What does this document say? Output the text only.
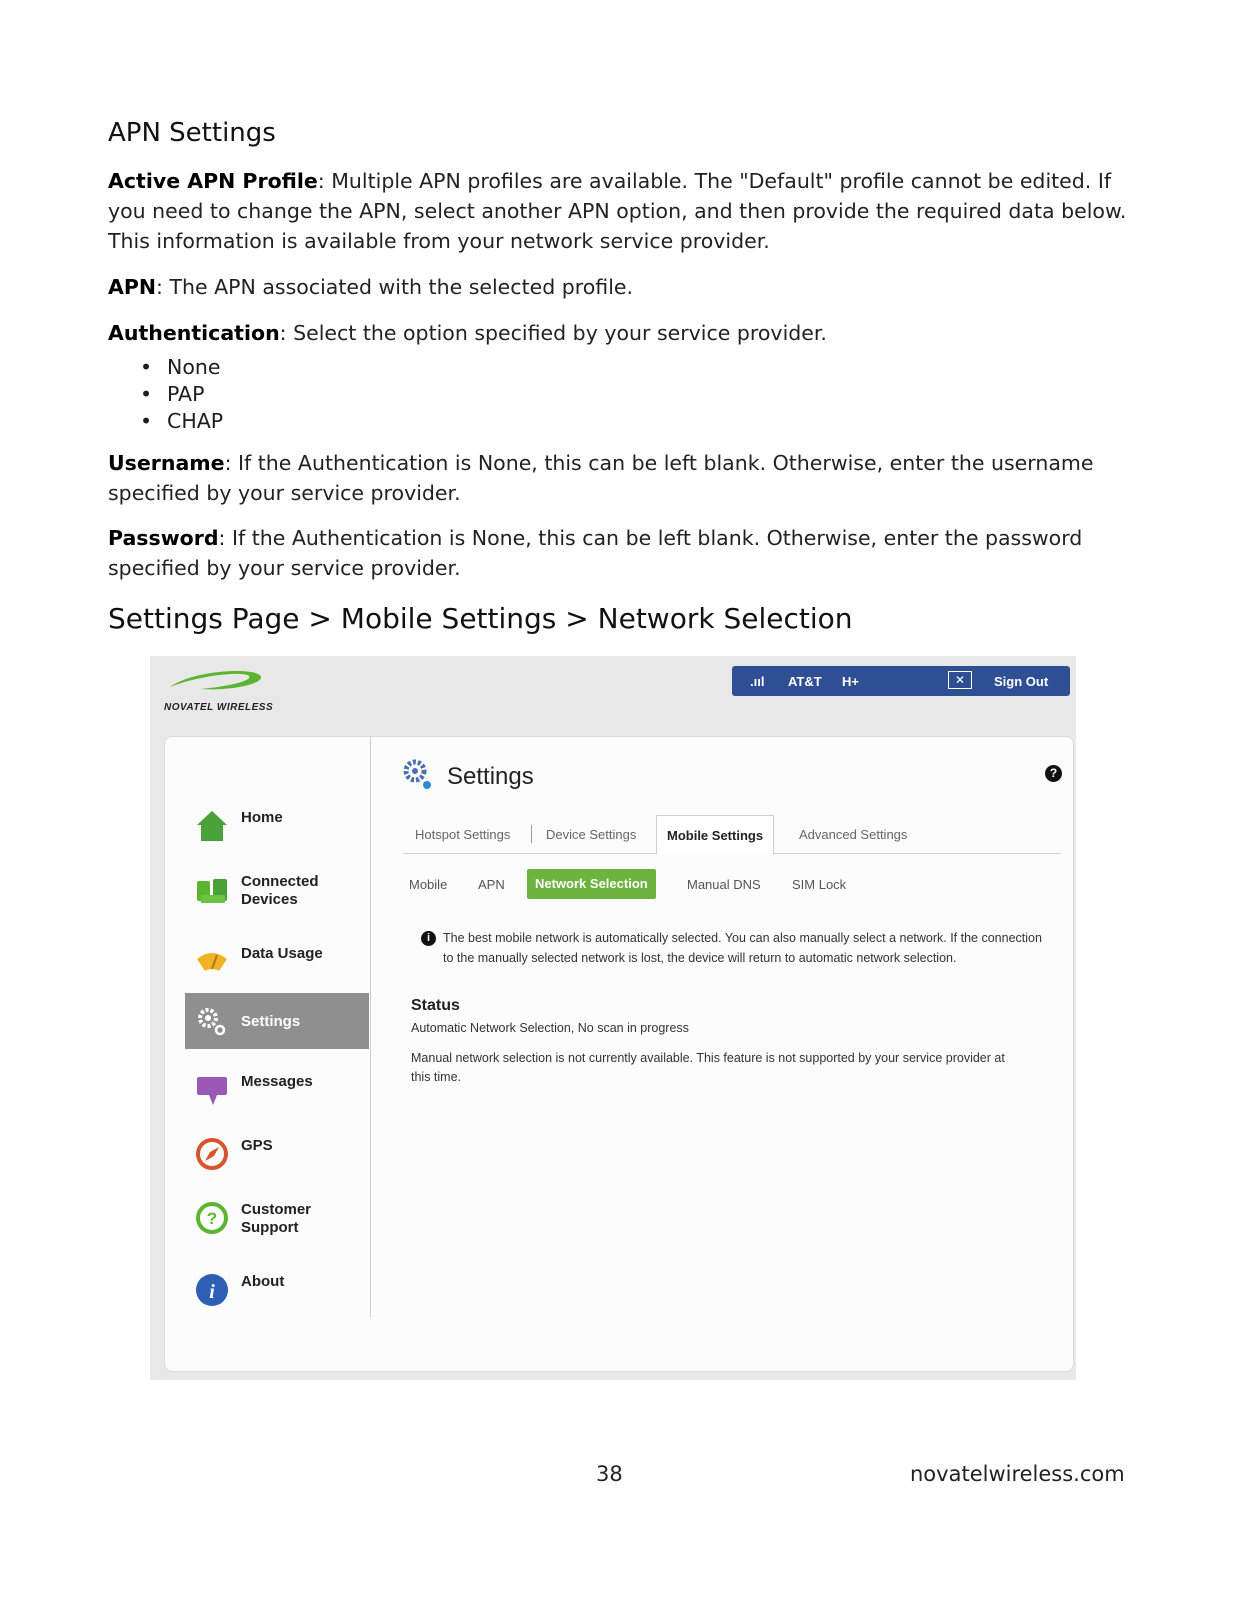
APN Settings

Active APN Profile: Multiple APN profiles are available. The "Default" profile cannot be edited. If you need to change the APN, select another APN option, and then provide the required data below. This information is available from your network service provider.

APN: The APN associated with the selected profile.

Authentication: Select the option specified by your service provider.

• None
• PAP
• CHAP

Username: If the Authentication is None, this can be left blank. Otherwise, enter the username specified by your service provider.

Password: If the Authentication is None, this can be left blank. Otherwise, enter the password specified by your service provider.

Settings Page > Mobile Settings > Network Selection
NOVATEL WIRELESS
.ııl AT&T H+	✕	Sign Out
Home
Connected Devices
Data Usage
Settings
Messages
GPS
? Customer Support
i About
Settings	?
Hotspot Settings	Device Settings	Mobile Settings	Advanced Settings
Mobile APN	Network Selection	Manual DNS SIM Lock
i	The best mobile network is automatically selected. You can also manually select a network. If the connection to the manually selected network is lost, the device will return to automatic network selection.
Status
Automatic Network Selection, No scan in progress
Manual network selection is not currently available. This feature is not supported by your service provider at this time.
38	novatelwireless.com
